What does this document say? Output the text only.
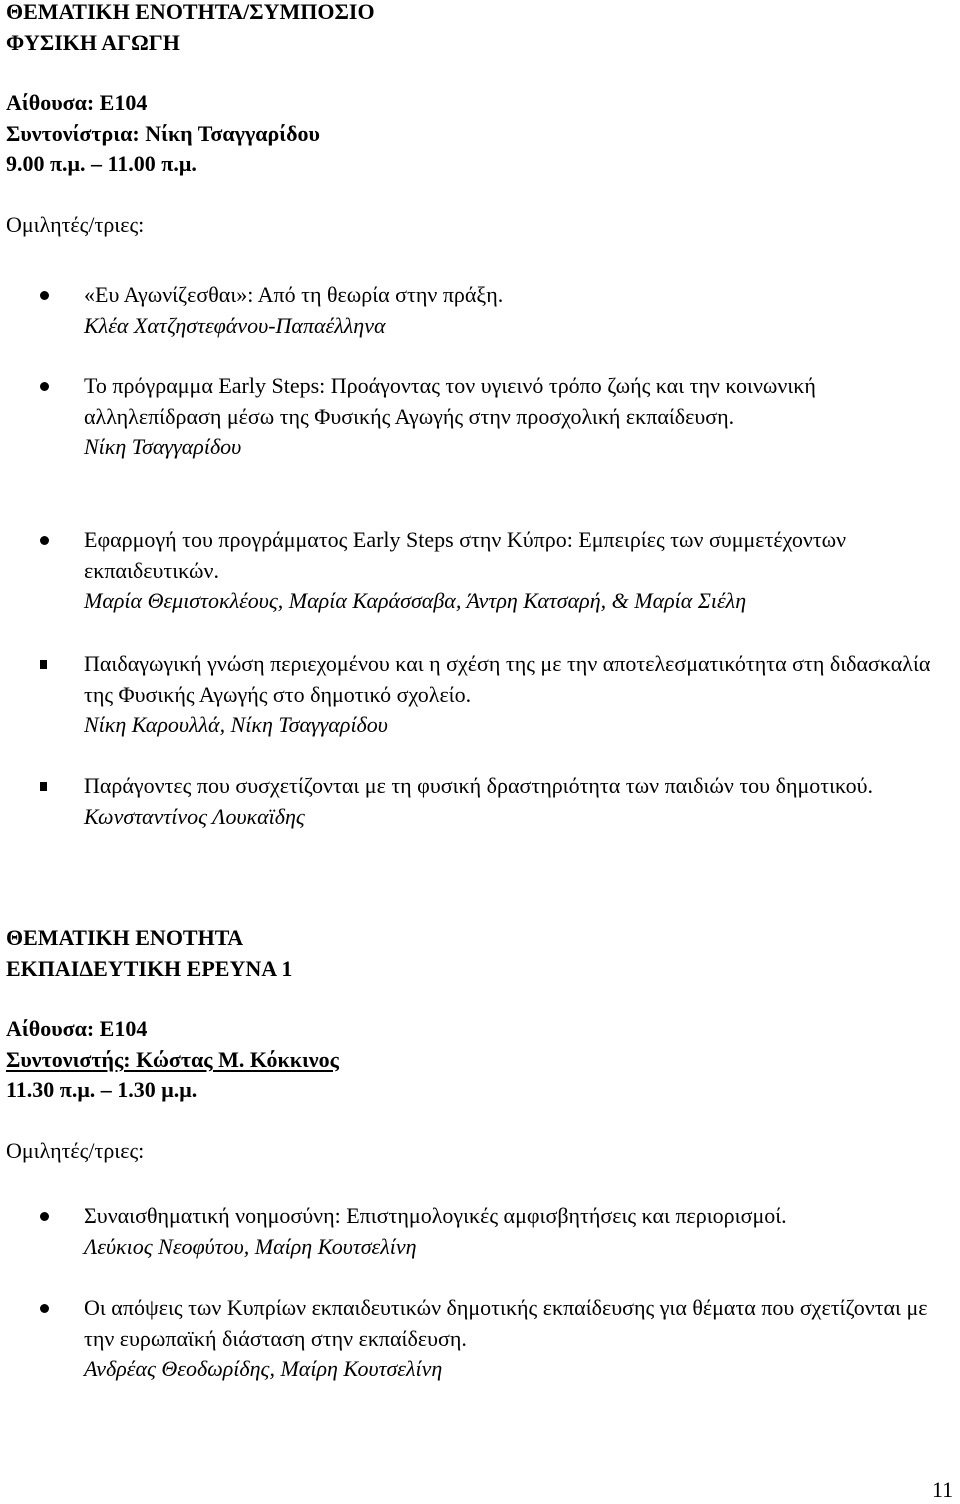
ΘΕΜΑΤΙΚΗ ΕΝΟΤΗΤΑ/ΣΥΜΠΟΣΙΟ
ΦΥΣΙΚΗ ΑΓΩΓΗ
Αίθουσα: Ε104
Συντονίστρια: Νίκη Τσαγγαρίδου
9.00 π.μ. – 11.00 π.μ.
Ομιλητές/τριες:
«Ευ Αγωνίζεσθαι»: Από τη θεωρία στην πράξη.
Κλέα Χατζηστεφάνου-Παπαέλληνα
Το πρόγραμμα Early Steps: Προάγοντας τον υγιεινό τρόπο ζωής και την κοινωνική αλληλεπίδραση μέσω της Φυσικής Αγωγής στην προσχολική εκπαίδευση.
Νίκη Τσαγγαρίδου
Εφαρμογή του προγράμματος Early Steps στην Κύπρο: Εμπειρίες των συμμετέχοντων εκπαιδευτικών.
Μαρία Θεμιστοκλέους, Μαρία Καράσσαβα, Άντρη Κατσαρή, & Μαρία Σιέλη
Παιδαγωγική γνώση περιεχομένου και η σχέση της με την αποτελεσματικότητα στη διδασκαλία της Φυσικής Αγωγής στο δημοτικό σχολείο.
Νίκη Καρουλλά, Νίκη Τσαγγαρίδου
Παράγοντες που συσχετίζονται με τη φυσική δραστηριότητα των παιδιών του δημοτικού.
Κωνσταντίνος Λουκαϊδης
ΘΕΜΑΤΙΚΗ ΕΝΟΤΗΤΑ
ΕΚΠΑΙΔΕΥΤΙΚΗ ΕΡΕΥΝΑ 1
Αίθουσα: Ε104
Συντονιστής: Κώστας Μ. Κόκκινος
11.30 π.μ. – 1.30 μ.μ.
Ομιλητές/τριες:
Συναισθηματική νοημοσύνη: Επιστημολογικές αμφισβητήσεις και περιορισμοί.
Λεύκιος Νεοφύτου, Μαίρη Κουτσελίνη
Οι απόψεις των Κυπρίων εκπαιδευτικών δημοτικής εκπαίδευσης για θέματα που σχετίζονται με την ευρωπαϊκή διάσταση στην εκπαίδευση.
Ανδρέας Θεοδωρίδης, Μαίρη Κουτσελίνη
11
